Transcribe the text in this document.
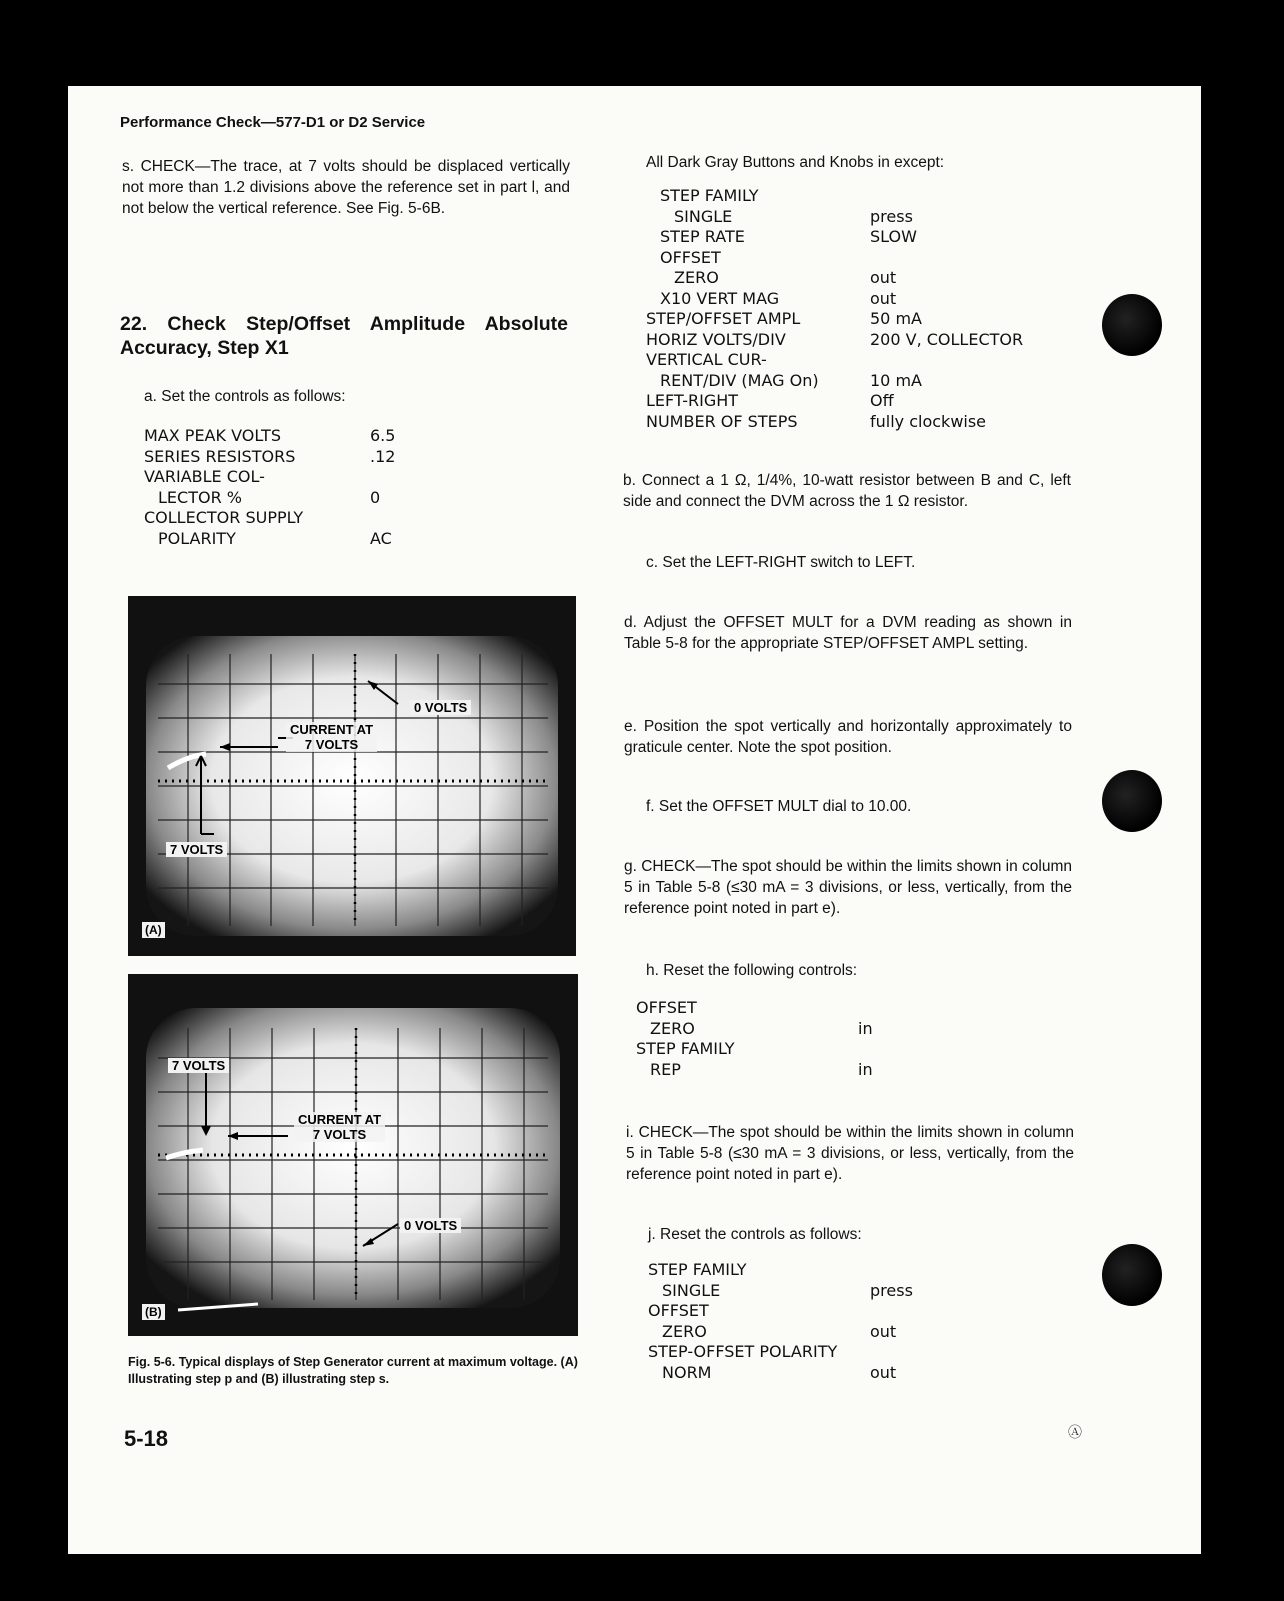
Performance Check—577-D1 or D2 Service
s. CHECK—The trace, at 7 volts should be displaced vertically not more than 1.2 divisions above the reference set in part l, and not below the vertical reference. See Fig. 5-6B.
22. Check Step/Offset Amplitude Absolute Accuracy, Step X1
a. Set the controls as follows:
MAX PEAK VOLTS	6.5
SERIES RESISTORS	.12
VARIABLE COL-	
LECTOR %	0
COLLECTOR SUPPLY	
POLARITY	AC
0 VOLTS
CURRENT AT
7 VOLTS
7 VOLTS
(A)
7 VOLTS
CURRENT AT
7 VOLTS
0 VOLTS
(B)
Fig. 5-6. Typical displays of Step Generator current at maximum voltage. (A) Illustrating step p and (B) illustrating step s.
5-18
All Dark Gray Buttons and Knobs in except:
STEP FAMILY	
SINGLE	press
STEP RATE	SLOW
OFFSET	
ZERO	out
X10 VERT MAG	out
STEP/OFFSET AMPL	50 mA
HORIZ VOLTS/DIV	200 V, COLLECTOR
VERTICAL CUR-	
RENT/DIV (MAG On)	10 mA
LEFT-RIGHT	Off
NUMBER OF STEPS	fully clockwise
b. Connect a 1 Ω, 1/4%, 10-watt resistor between B and C, left side and connect the DVM across the 1 Ω resistor.
c. Set the LEFT-RIGHT switch to LEFT.
d. Adjust the OFFSET MULT for a DVM reading as shown in Table 5-8 for the appropriate STEP/OFFSET AMPL setting.
e. Position the spot vertically and horizontally approximately to graticule center. Note the spot position.
f. Set the OFFSET MULT dial to 10.00.
g. CHECK—The spot should be within the limits shown in column 5 in Table 5-8 (≤30 mA = 3 divisions, or less, vertically, from the reference point noted in part e).
h. Reset the following controls:
OFFSET	
ZERO	in
STEP FAMILY	
REP	in
i. CHECK—The spot should be within the limits shown in column 5 in Table 5-8 (≤30 mA = 3 divisions, or less, vertically, from the reference point noted in part e).
j. Reset the controls as follows:
STEP FAMILY	
SINGLE	press
OFFSET	
ZERO	out
STEP-OFFSET POLARITY	
NORM	out
Ⓐ
